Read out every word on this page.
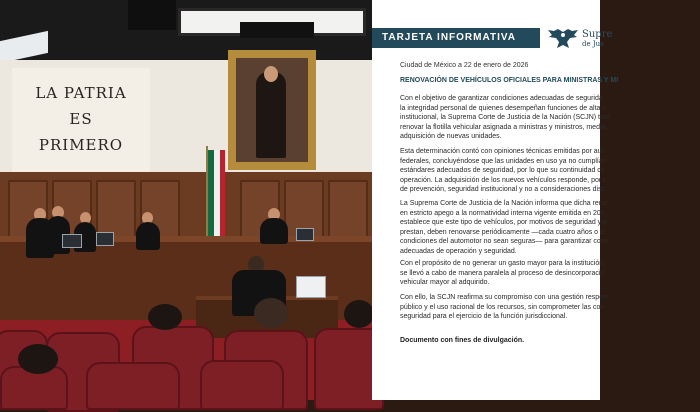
LA PATRIA
ES
PRIMERO
TARJETA INFORMATIVA	Supre
de Jus
Ciudad de México a 22 de enero de 2026
RENOVACIÓN DE VEHÍCULOS OFICIALES PARA MINISTRAS Y MI
Con el objetivo de garantizar condiciones adecuadas de segurida
la integridad personal de quienes desempeñan funciones de alta r
institucional, la Suprema Corte de Justicia de la Nación (SCJN) tom
renovar la flotilla vehicular asignada a ministras y ministros, media
adquisición de nuevas unidades.
Esta determinación contó con opiniones técnicas emitidas por aut
federales, concluyéndose que las unidades en uso ya no cumplían
estándares adecuados de seguridad, por lo que su continuidad co
operación. La adquisición de los nuevos vehículos responde, por t
de prevención, seguridad institucional y no a consideraciones disc
La Suprema Corte de Justicia de la Nación informa que dicha reno
en estricto apego a la normatividad interna vigente emitida en 201
establece que este tipo de vehículos, por motivos de seguridad y p
prestan, deben renovarse periódicamente —cada cuatro años o a
condiciones del automotor no sean seguras— para garantizar cone
adecuadas de operación y seguridad.
Con el propósito de no generar un gasto mayor para la institución,
se llevó a cabo de manera paralela al proceso de desincorporació
vehicular mayor al adquirido.
Con ello, la SCJN reafirma su compromiso con una gestión respon
público y el uso racional de los recursos, sin comprometer las con
seguridad para el ejercicio de la función jurisdiccional.
Documento con fines de divulgación.
